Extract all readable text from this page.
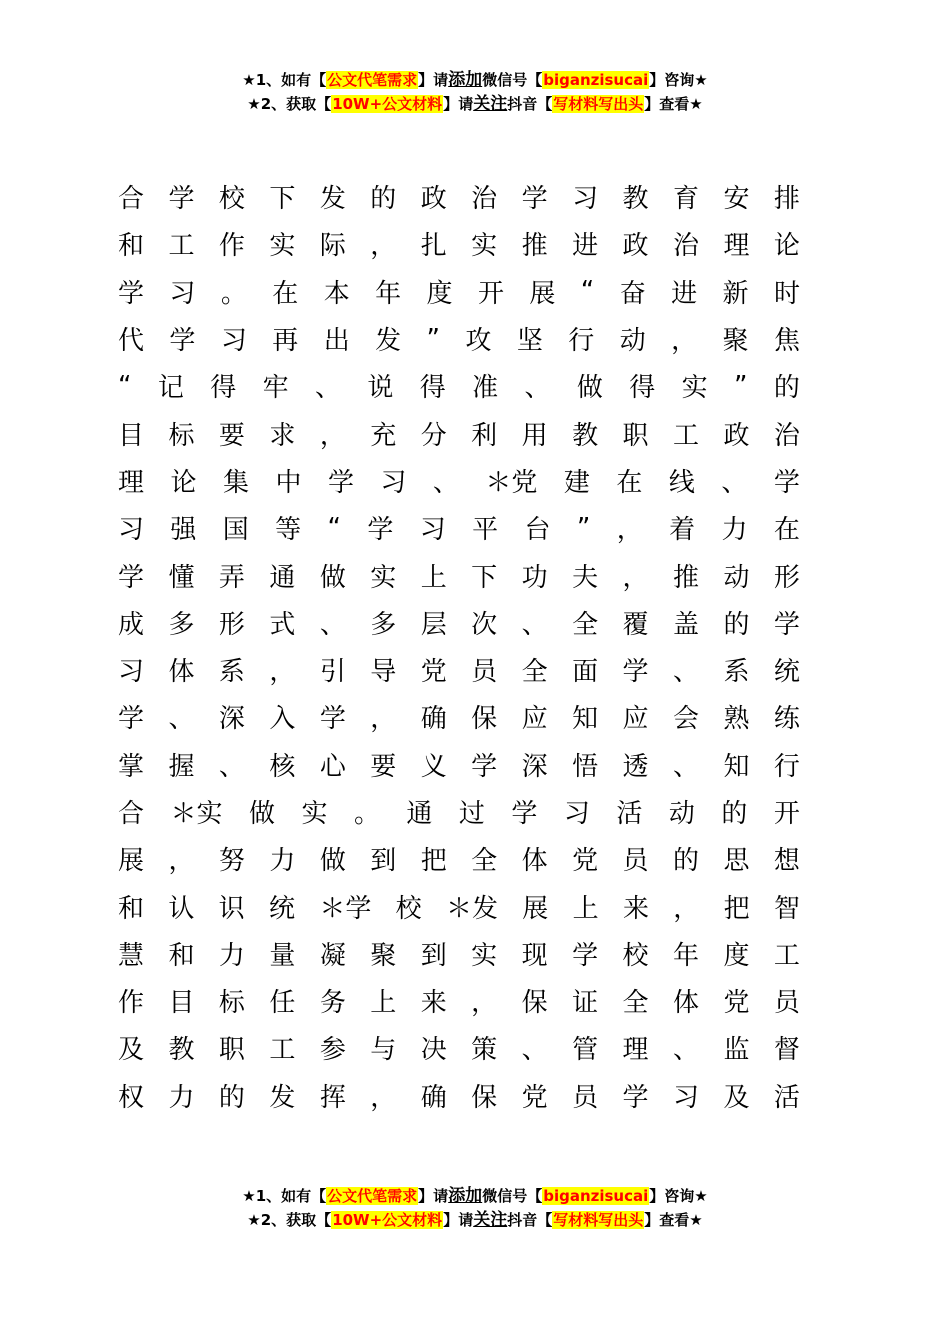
★1、如有【公文代笔需求】请添加微信号【biganzisucai】咨询★
★2、获取【10W+公文材料】请关注抖音【写材料写出头】查看★
合 学 校 下 发 的 政 治 学 习 教 育 安 排
和 工 作 实 际 ， 扎 实 推 进 政 治 理 论
学 习 。 在 本 年 度 开 展 “ 奋 进 新 时
代 学 习 再 出 发 ” 攻 坚 行 动 ， 聚 焦
“ 记 得 牢 、 说 得 准 、 做 得 实 ” 的
目 标 要 求 ， 充 分 利 用 教 职 工 政 治
理 论 集 中 学 习 、 ＊党 建 在 线 、 学
习 强 国 等 “ 学 习 平 台 ” ， 着 力 在
学 懂 弄 通 做 实 上 下 功 夫 ， 推 动 形
成 多 形 式 、 多 层 次 、 全 覆 盖 的 学
习 体 系 ， 引 导 党 员 全 面 学 、 系 统
学 、 深 入 学 ， 确 保 应 知 应 会 熟 练
掌 握 、 核 心 要 义 学 深 悟 透 、 知 行
合 ＊实 做 实 。 通 过 学 习 活 动 的 开
展 ， 努 力 做 到 把 全 体 党 员 的 思 想
和 认 识 统 ＊学 校 ＊发 展 上 来 ， 把 智
慧 和 力 量 凝 聚 到 实 现 学 校 年 度 工
作 目 标 任 务 上 来 ， 保 证 全 体 党 员
及 教 职 工 参 与 决 策 、 管 理 、 监 督
权 力 的 发 挥 ， 确 保 党 员 学 习 及 活
★1、如有【公文代笔需求】请添加微信号【biganzisucai】咨询★
★2、获取【10W+公文材料】请关注抖音【写材料写出头】查看★
